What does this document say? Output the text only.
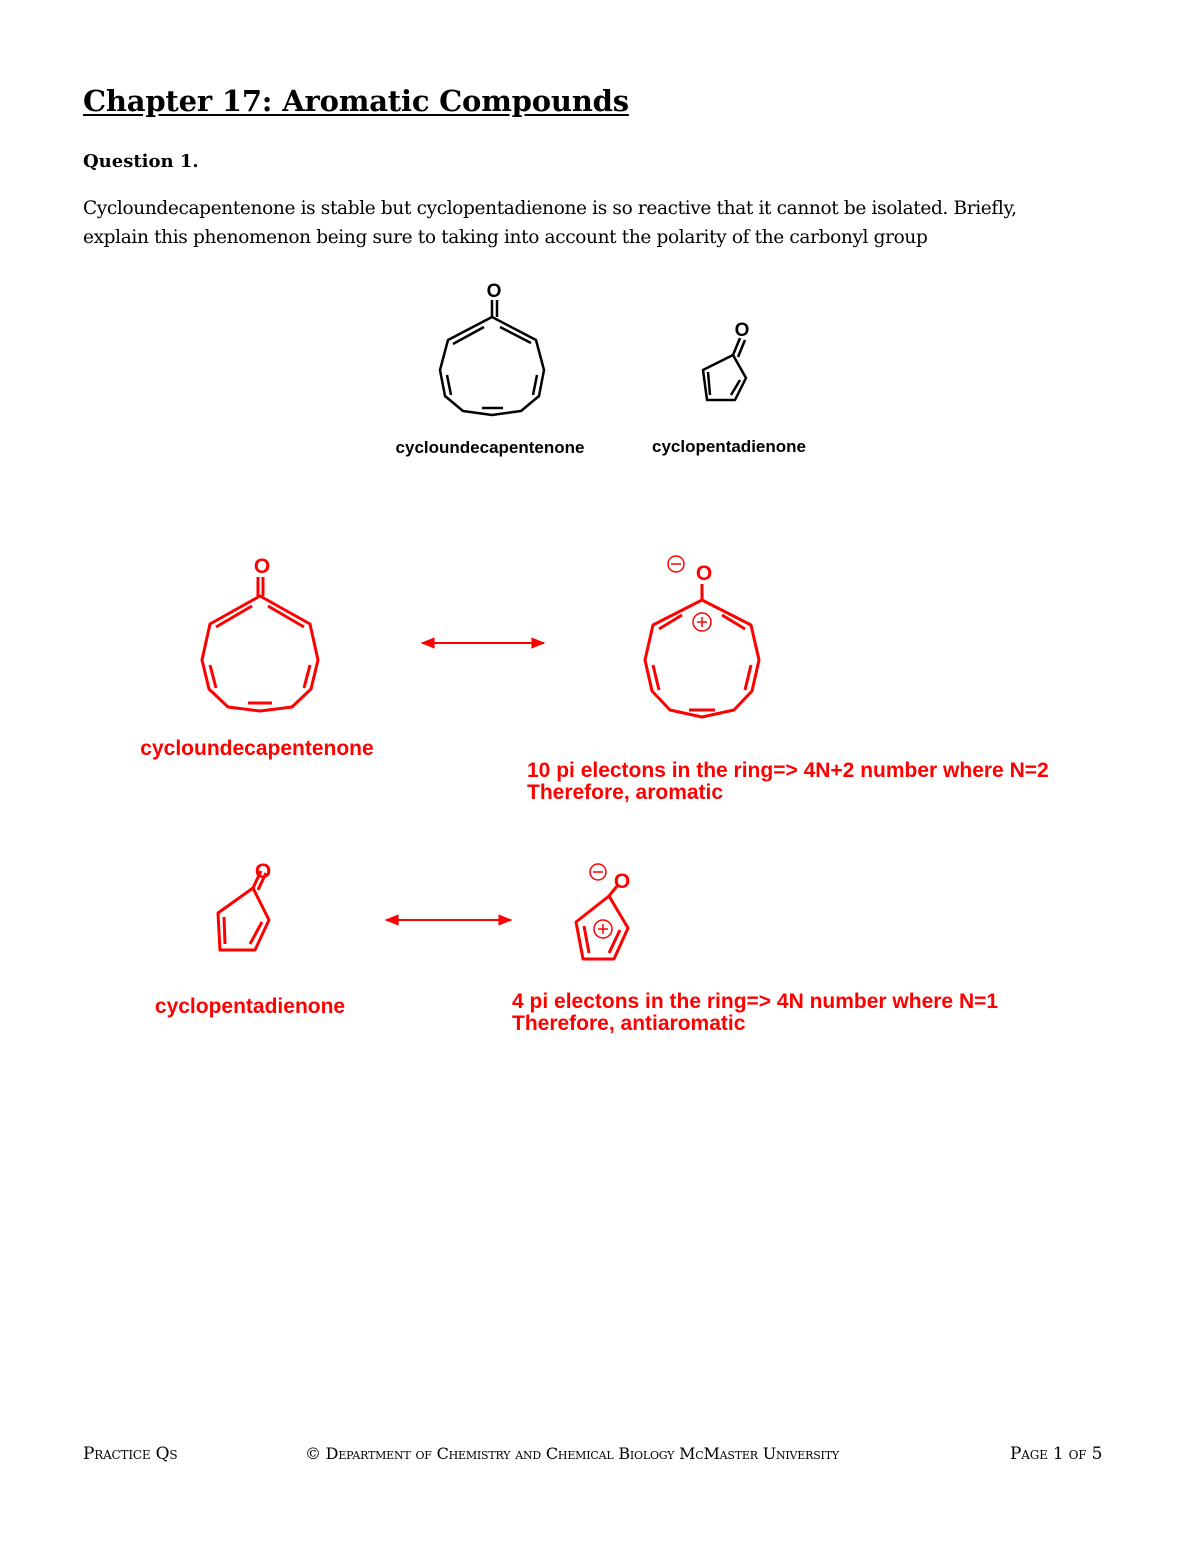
Chapter 17: Aromatic Compounds

Question 1.

Cycloundecapentenone is stable but cyclopentadienone is so reactive that it cannot be isolated. Briefly,
explain this phenomenon being sure to taking into account the polarity of the carbonyl group

O
cycloundecapentenone
O
cyclopentadienone
O
cycloundecapentenone
O
10 pi electons in the ring=> 4N+2 number where N=2
Therefore, aromatic
O
cyclopentadienone
O
4 pi electons in the ring=> 4N number where N=1
Therefore, antiaromatic
Practice Qs	© Department of Chemistry and Chemical Biology McMaster University	Page 1 of 5
